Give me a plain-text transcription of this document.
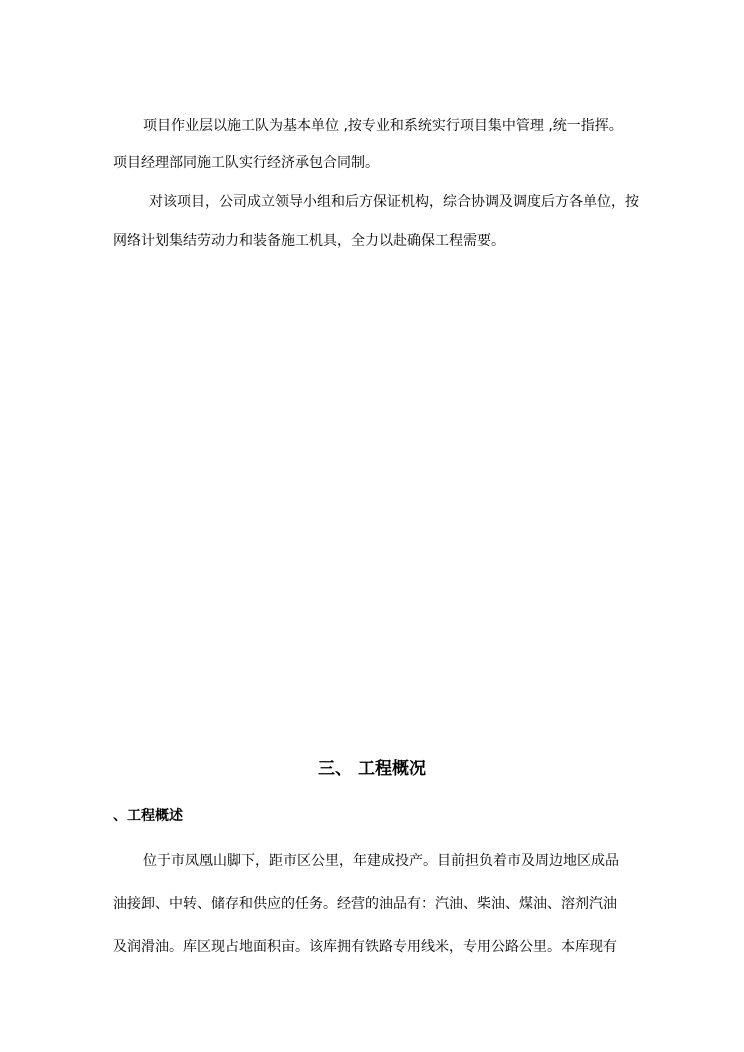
项目作业层以施工队为基本单位 ,按专业和系统实行项目集中管理 ,统一指挥。
项目经理部同施工队实行经济承包合同制。
对该项目，公司成立领导小组和后方保证机构，综合协调及调度后方各单位，按
网络计划集结劳动力和装备施工机具，全力以赴确保工程需要。
三、 工程概况
、工程概述
位于市凤凰山脚下，距市区公里，年建成投产。目前担负着市及周边地区成品
油接卸、中转、储存和供应的任务。经营的油品有：汽油、柴油、煤油、溶剂汽油
及润滑油。库区现占地面积亩。该库拥有铁路专用线米，专用公路公里。本库现有
